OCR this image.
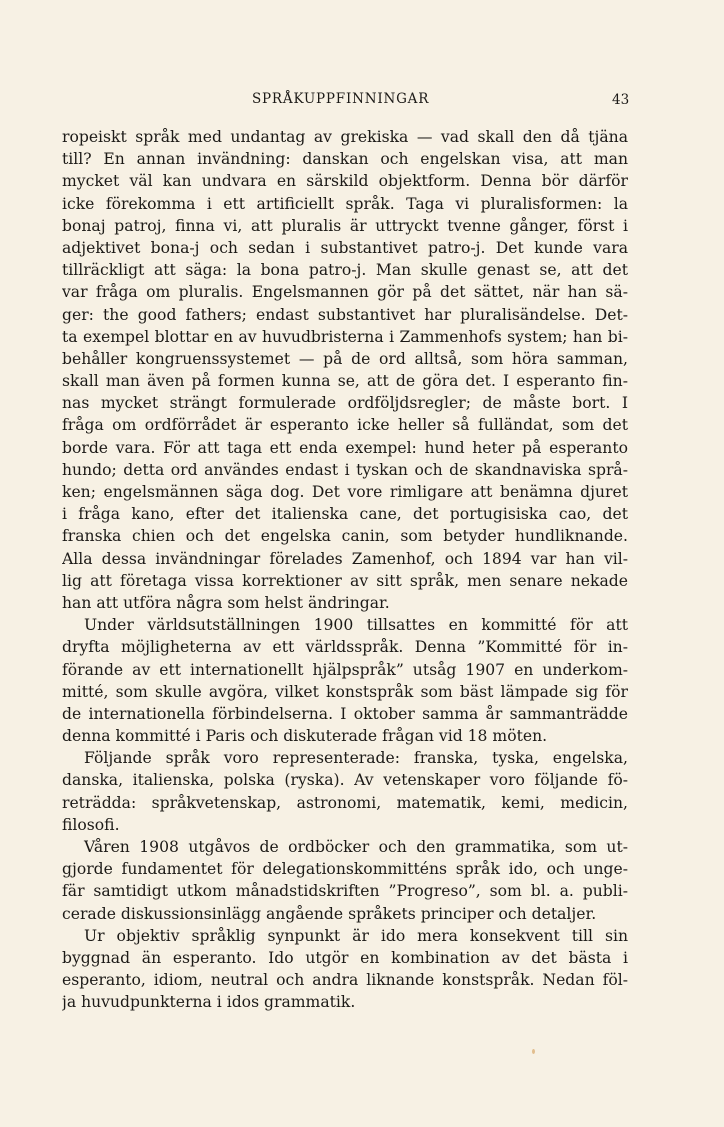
SPRÅKUPPFINNINGAR	43
ropeiskt språk med undantag av grekiska — vad skall den då tjäna
till? En annan invändning: danskan och engelskan visa, att man
mycket väl kan undvara en särskild objektform. Denna bör därför
icke förekomma i ett artificiellt språk. Taga vi pluralisformen: la
bonaj patroj, finna vi, att pluralis är uttryckt tvenne gånger, först i
adjektivet bona-j och sedan i substantivet patro-j. Det kunde vara
tillräckligt att säga: la bona patro-j. Man skulle genast se, att det
var fråga om pluralis. Engelsmannen gör på det sättet, när han sä-
ger: the good fathers; endast substantivet har pluralisändelse. Det-
ta exempel blottar en av huvudbristerna i Zammenhofs system; han bi-
behåller kongruenssystemet — på de ord alltså, som höra samman,
skall man även på formen kunna se, att de göra det. I esperanto fin-
nas mycket strängt formulerade ordföljdsregler; de måste bort. I
fråga om ordförrådet är esperanto icke heller så fulländat, som det
borde vara. För att taga ett enda exempel: hund heter på esperanto
hundo; detta ord användes endast i tyskan och de skandnaviska språ-
ken; engelsmännen säga dog. Det vore rimligare att benämna djuret
i fråga kano, efter det italienska cane, det portugisiska cao, det
franska chien och det engelska canin, som betyder hundliknande.
Alla dessa invändningar förelades Zamenhof, och 1894 var han vil-
lig att företaga vissa korrektioner av sitt språk, men senare nekade
han att utföra några som helst ändringar.
Under världsutställningen 1900 tillsattes en kommitté för att
dryfta möjligheterna av ett världsspråk. Denna ”Kommitté för in-
förande av ett internationellt hjälpspråk” utsåg 1907 en underkom-
mitté, som skulle avgöra, vilket konstspråk som bäst lämpade sig för
de internationella förbindelserna. I oktober samma år sammanträdde
denna kommitté i Paris och diskuterade frågan vid 18 möten.
Följande språk voro representerade: franska, tyska, engelska,
danska, italienska, polska (ryska). Av vetenskaper voro följande fö-
reträdda: språkvetenskap, astronomi, matematik, kemi, medicin,
filosofi.
Våren 1908 utgåvos de ordböcker och den grammatika, som ut-
gjorde fundamentet för delegationskommitténs språk ido, och unge-
fär samtidigt utkom månadstidskriften ”Progreso”, som bl. a. publi-
cerade diskussionsinlägg angående språkets principer och detaljer.
Ur objektiv språklig synpunkt är ido mera konsekvent till sin
byggnad än esperanto. Ido utgör en kombination av det bästa i
esperanto, idiom, neutral och andra liknande konstspråk. Nedan föl-
ja huvudpunkterna i idos grammatik.
